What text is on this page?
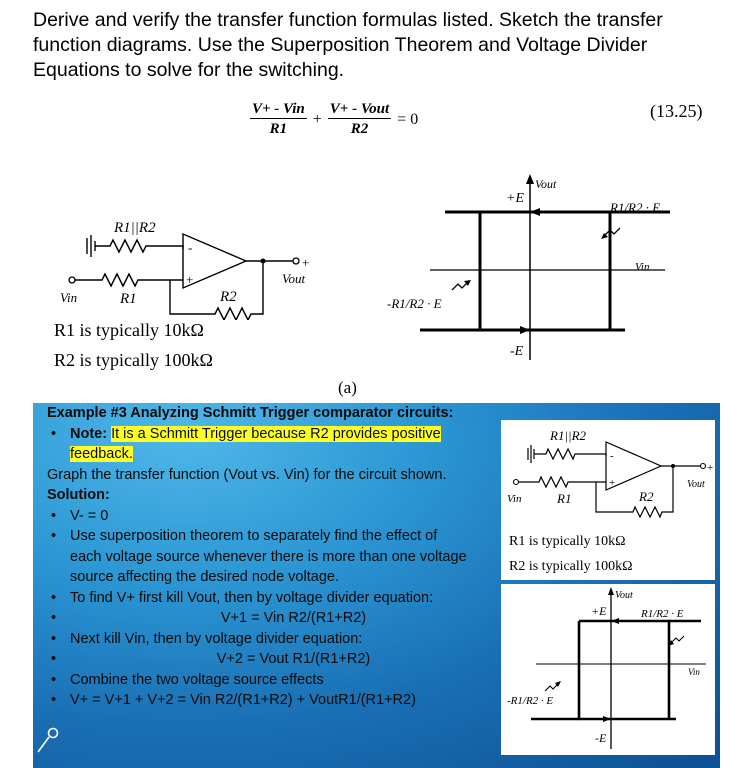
Derive and verify the transfer function formulas listed. Sketch the transfer
function diagrams. Use the Superposition Theorem and Voltage Divider
Equations to solve for the switching.
$\frac{\text{V+ - Vin}}{R1} + \frac{\text{V+ - Vout}}{R2} = 0$	(13.25)
R1||R2
-
+
Vin	R1	R2
+
Vout
R1 is typically 10kΩ
R2 is typically 100kΩ
+E
Vout
-E
Vin
R1/R2 · E
-R1/R2 · E
(a)
Example #3 Analyzing Schmitt Trigger comparator circuits:
• Note: It is a Schmitt Trigger because R2 provides positive
feedback.
Graph the transfer function (Vout vs. Vin) for the circuit shown.
Solution:
• V- = 0
• Use superposition theorem to separately find the effect of
each voltage source whenever there is more than one voltage
source affecting the desired node voltage.
• To find V+ first kill Vout, then by voltage divider equation:
• V+1 = Vin R2/(R1+R2)
• Next kill Vin, then by voltage divider equation:
• V+2 = Vout R1/(R1+R2)
• Combine the two voltage source effects
• V+ = V+1 + V+2 = Vin R2/(R1+R2) + VoutR1/(R1+R2)
R1||R2
-
+
Vin	R1	R2
+
Vout
R1 is typically 10kΩ
R2 is typically 100kΩ
+E
Vout
-E
Vin
R1/R2 · E
-R1/R2 · E
